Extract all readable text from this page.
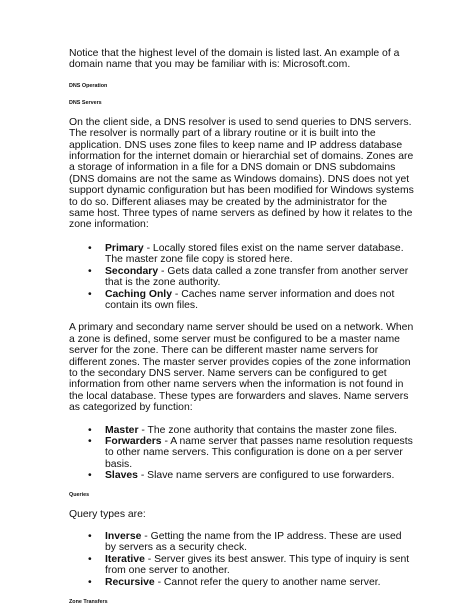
Notice that the highest level of the domain is listed last. An example of a domain name that you may be familiar with is: Microsoft.com.

DNS Operation

DNS Servers

On the client side, a DNS resolver is used to send queries to DNS servers. The resolver is normally part of a library routine or it is built into the application. DNS uses zone files to keep name and IP address database information for the internet domain or hierarchial set of domains. Zones are a storage of information in a file for a DNS domain or DNS subdomains (DNS domains are not the same as Windows domains). DNS does not yet support dynamic configuration but has been modified for Windows systems to do so. Different aliases may be created by the administrator for the same host. Three types of name servers as defined by how it relates to the zone information:

• Primary - Locally stored files exist on the name server database. The master zone file copy is stored here.
• Secondary - Gets data called a zone transfer from another server that is the zone authority.
• Caching Only - Caches name server information and does not contain its own files.

A primary and secondary name server should be used on a network. When a zone is defined, some server must be configured to be a master name server for the zone. There can be different master name servers for different zones. The master server provides copies of the zone information to the secondary DNS server. Name servers can be configured to get information from other name servers when the information is not found in the local database. These types are forwarders and slaves. Name servers as categorized by function:

• Master - The zone authority that contains the master zone files.
• Forwarders - A name server that passes name resolution requests to other name servers. This configuration is done on a per server basis.
• Slaves - Slave name servers are configured to use forwarders.

Queries

Query types are:

• Inverse - Getting the name from the IP address. These are used by servers as a security check.
• Iterative - Server gives its best answer. This type of inquiry is sent from one server to another.
• Recursive - Cannot refer the query to another name server.

Zone Transfers
